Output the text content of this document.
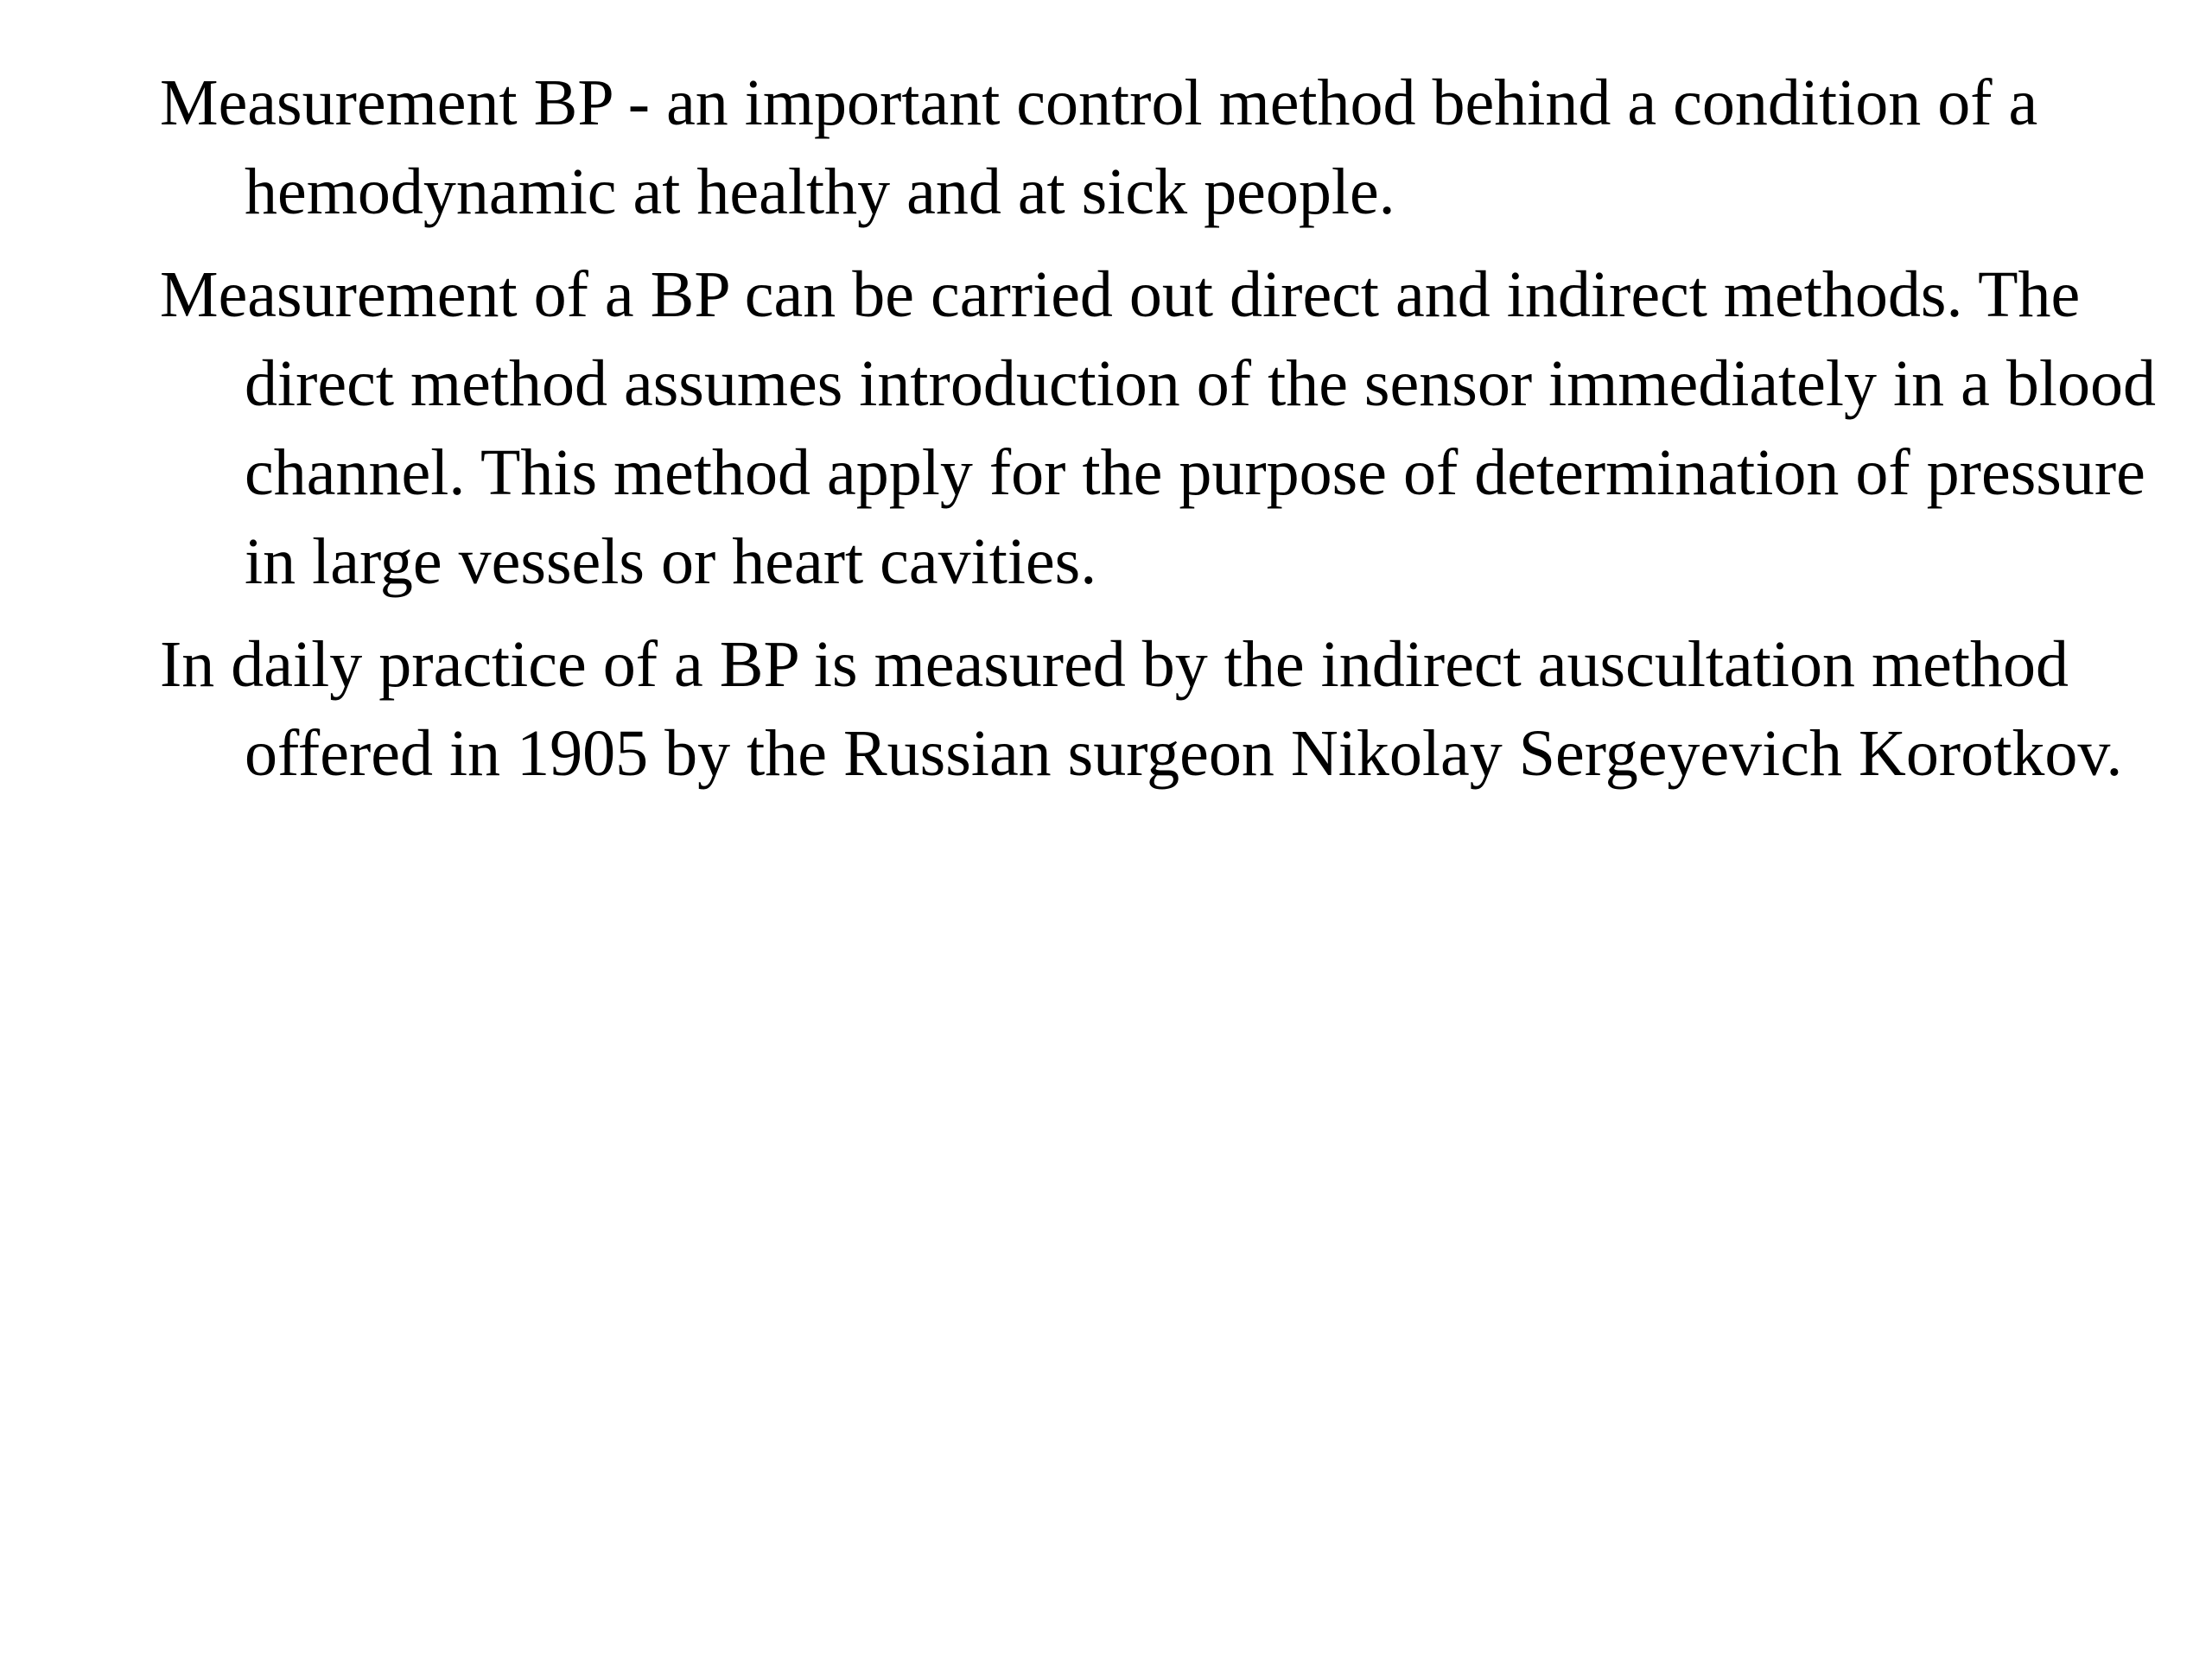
Measurement BP - an important control method behind a condition of a hemodynamic at healthy and at sick people.

Measurement of a BP can be carried out direct and indirect methods. The direct method assumes introduction of the sensor immediately in a blood channel. This method apply for the purpose of determination of pressure in large vessels or heart cavities.

In daily practice of a BP is measured by the indirect auscultation method offered in 1905 by the Russian surgeon Nikolay Sergeyevich Korotkov.
